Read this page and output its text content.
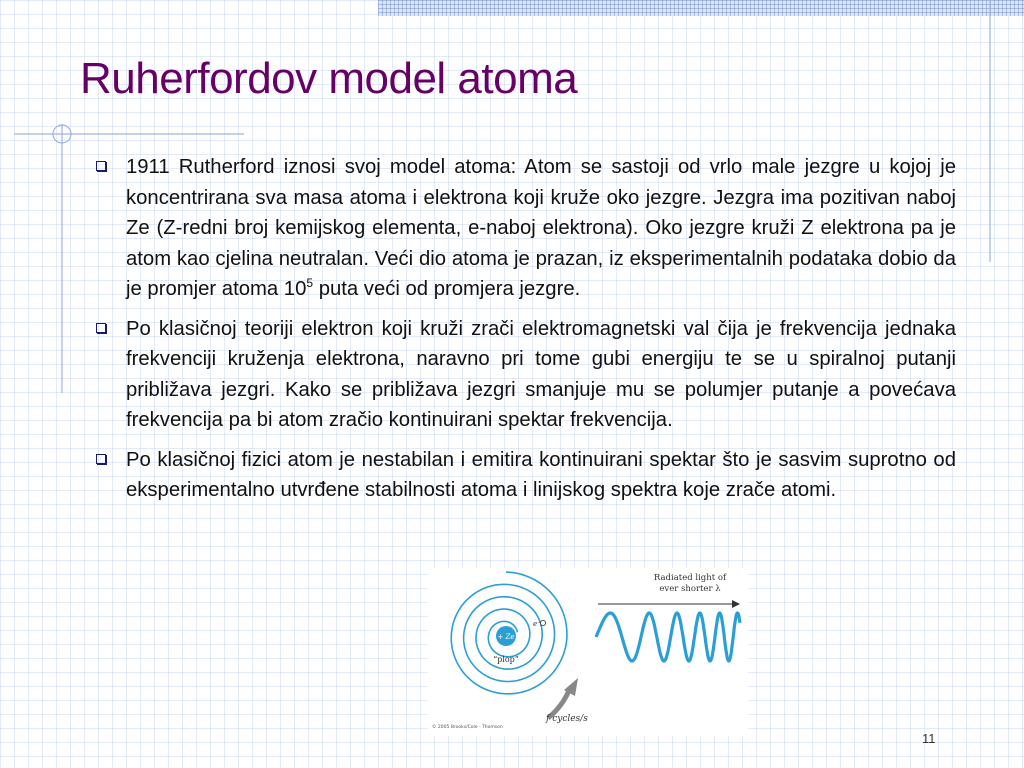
Ruherfordov model atoma
1911 Rutherford iznosi svoj model atoma: Atom se sastoji od vrlo male jezgre u kojoj je koncentrirana sva masa atoma i elektrona koji kruže oko jezgre. Jezgra ima pozitivan naboj Ze (Z-redni broj kemijskog elementa, e-naboj elektrona). Oko jezgre kruži Z elektrona pa je atom kao cjelina neutralan. Veći dio atoma je prazan, iz eksperimentalnih podataka dobio da je promjer atoma $10^5$ puta veći od promjera jezgre.
Po klasičnoj teoriji elektron koji kruži zrači elektromagnetski val čija je frekvencija jednaka frekvenciji kruženja elektrona, naravno pri tome gubi energiju te se u spiralnoj putanji približava jezgri. Kako se približava jezgri smanjuje mu se polumjer putanje a povećava frekvencija pa bi atom zračio kontinuirani spektar frekvencija.
Po klasičnoj fizici atom je nestabilan i emitira kontinuirani spektar što je sasvim suprotno od eksperimentalno utvrđene stabilnosti atoma i linijskog spektra koje zrače atomi.
+ Ze
e⁻
“plop”
Radiated light of
ever shorter λ
f cycles/s
© 2005 Brooks/Cole - Thomson
11
